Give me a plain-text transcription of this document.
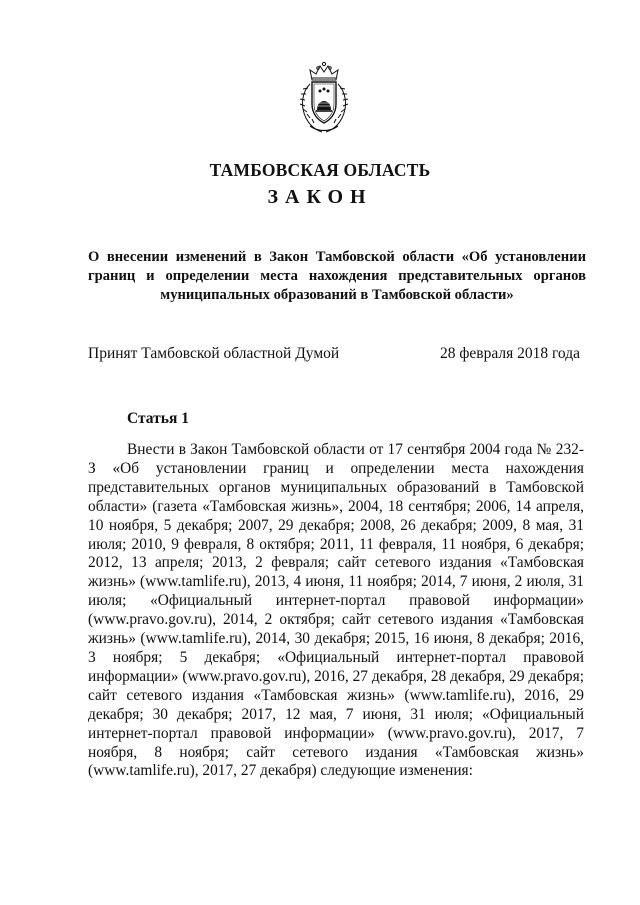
ТАМБОВСКАЯ ОБЛАСТЬ
ЗАКОН
О внесении изменений в Закон Тамбовской области «Об установлении границ и определении места нахождения представительных органов муниципальных образований в Тамбовской области»
Принят Тамбовской областной Думой	28 февраля 2018 года
Статья 1

Внести в Закон Тамбовской области от 17 сентября 2004 года № 232-З «Об установлении границ и определении места нахождения представительных органов муниципальных образований в Тамбовской области» (газета «Тамбовская жизнь», 2004, 18 сентября; 2006, 14 апреля, 10 ноября, 5 декабря; 2007, 29 декабря; 2008, 26 декабря; 2009, 8 мая, 31 июля; 2010, 9 февраля, 8 октября; 2011, 11 февраля, 11 ноября, 6 декабря; 2012, 13 апреля; 2013, 2 февраля; сайт сетевого издания «Тамбовская жизнь» (www.tamlife.ru), 2013, 4 июня, 11 ноября; 2014, 7 июня, 2 июля, 31 июля; «Официальный интернет-портал правовой информации» (www.pravo.gov.ru), 2014, 2 октября; сайт сетевого издания «Тамбовская жизнь» (www.tamlife.ru), 2014, 30 декабря; 2015, 16 июня, 8 декабря; 2016, 3 ноября; 5 декабря; «Официальный интернет-портал правовой информации» (www.pravo.gov.ru), 2016, 27 декабря, 28 декабря, 29 декабря; сайт сетевого издания «Тамбовская жизнь» (www.tamlife.ru), 2016, 29 декабря; 30 декабря; 2017, 12 мая, 7 июня, 31 июля; «Официальный интернет-портал правовой информации» (www.pravo.gov.ru), 2017, 7 ноября, 8 ноября; сайт сетевого издания «Тамбовская жизнь» (www.tamlife.ru), 2017, 27 декабря) следующие изменения:
